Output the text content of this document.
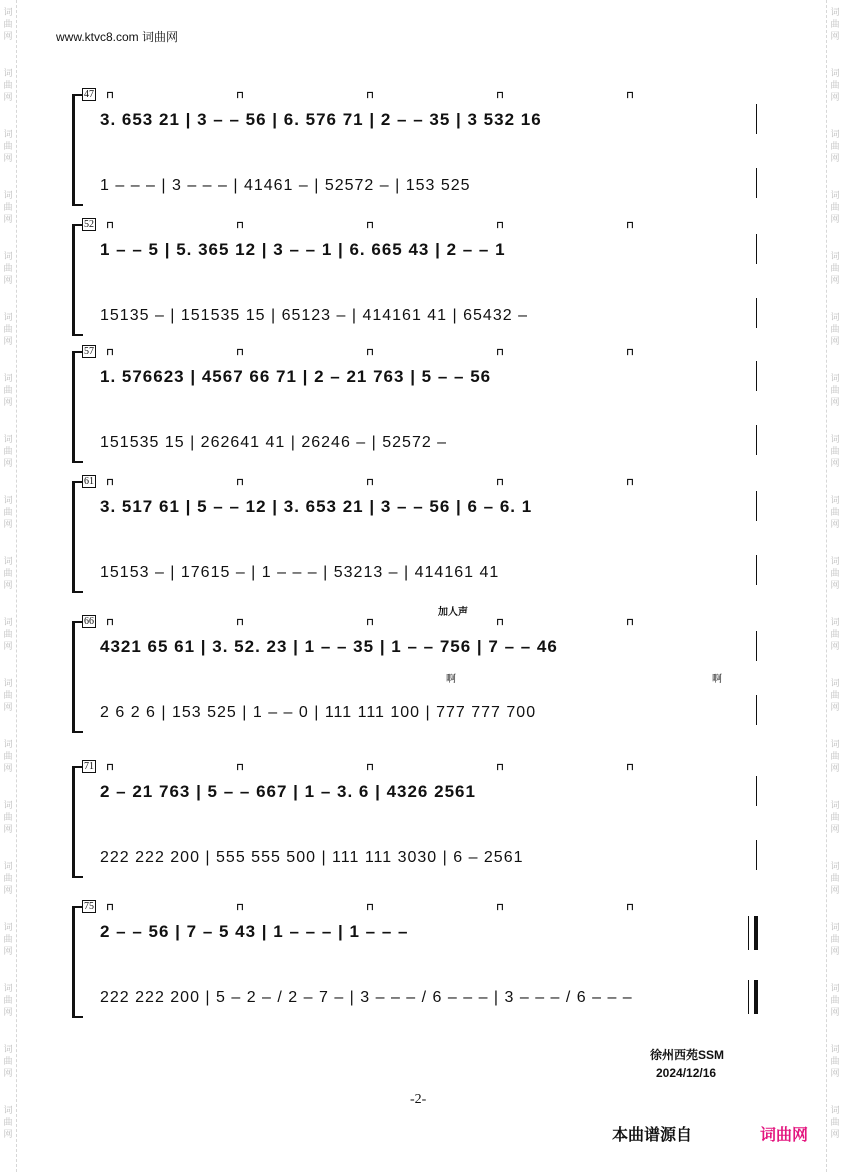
词
曲
网
词
曲
网
词
曲
网
词
曲
网
词
曲
网
词
曲
网
词
曲
网
词
曲
网
词
曲
网
词
曲
网
词
曲
网
词
曲
网
词
曲
网
词
曲
网
词
曲
网
词
曲
网
词
曲
网
词
曲
网
词
曲
网
词
曲
网
词
曲
网
词
曲
网
词
曲
网
词
曲
网
词
曲
网
词
曲
网
词
曲
网
词
曲
网
词
曲
网
词
曲
网
词
曲
网
词
曲
网
词
曲
网
词
曲
网
词
曲
网
词
曲
网
词
曲
网
词
曲
网
www.ktvc8.com 词曲网
47
3. 653 21 | 3 – – 56 | 6. 576 71 | 2 – – 35 | 3 532 16
1 – – – | 3 – – – | 41461 – | 52572 – | 153 525
⊓	⊓	⊓	⊓	⊓
52
1 – – 5 | 5. 365 12 | 3 – – 1 | 6. 665 43 | 2 – – 1
15135 – | 151535 15 | 65123 – | 414161 41 | 65432 –
⊓	⊓	⊓	⊓	⊓
57
1. 576623 | 4567 66 71 | 2 – 21 763 | 5 – – 56
151535 15 | 262641 41 | 26246 – | 52572 –
⊓	⊓	⊓	⊓	⊓
61
3. 517 61 | 5 – – 12 | 3. 653 21 | 3 – – 56 | 6 – 6. 1
15153 – | 17615 – | 1 – – – | 53213 – | 414161 41
⊓	⊓	⊓	⊓	⊓
66
4321 65 61 | 3. 52. 23 | 1 – – 35 | 1 – – 756 | 7 – – 46
2 6 2 6 | 153 525 | 1 – – 0 | 111 111 100 | 777 777 700
⊓	⊓	⊓	⊓	⊓
71
2 – 21 763 | 5 – – 667 | 1 – 3. 6 | 4326 2561
222 222 200 | 555 555 500 | 111 111 3030 | 6 – 2561
⊓	⊓	⊓	⊓	⊓
75
2 – – 56 | 7 – 5 43 | 1 – – – | 1 – – –
222 222 200 | 5 – 2 – / 2 – 7 – | 3 – – – / 6 – – – | 3 – – – / 6 – – –
⊓	⊓	⊓	⊓	⊓
加人声
啊	啊
徐州西苑SSM
2024/12/16
-2-
本曲谱源自	词曲网
